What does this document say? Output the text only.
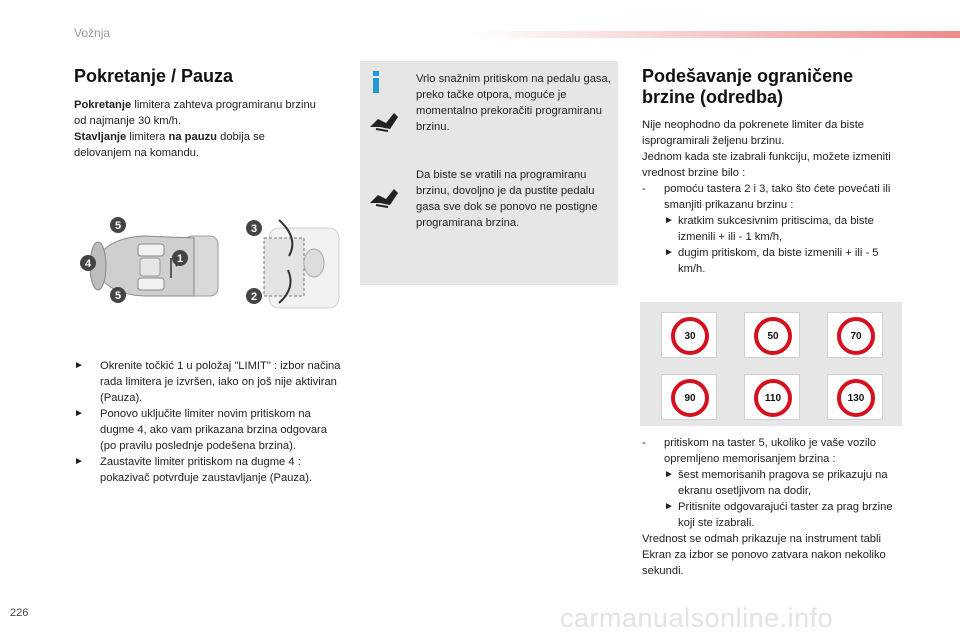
Vožnja
Pokretanje / Pauza
Pokretanje limitera zahteva programiranu brzinu od najmanje 30 km/h.
Stavljanje limitera na pauzu dobija se delovanjem na komandu.
5
4
5
1
3
2
► Okrenite točkić 1 u položaj "LIMIT" : izbor načina rada limitera je izvršen, iako on još nije aktiviran (Pauza).
► Ponovo uključite limiter novim pritiskom na dugme 4, ako vam prikazana brzina odgovara (po pravilu poslednje podešena brzina).
► Zaustavite limiter pritiskom na dugme 4 : pokazivač potvrđuje zaustavljanje (Pauza).
Vrlo snažnim pritiskom na pedalu gasa, preko tačke otpora, moguće je momentalno prekoračiti programiranu brzinu.
Da biste se vratili na programiranu brzinu, dovoljno je da pustite pedalu gasa sve dok se ponovo ne postigne programirana brzina.
Podešavanje ograničene
brzine (odredba)
Nije neophodno da pokrenete limiter da biste isprogramirali željenu brzinu.
Jednom kada ste izabrali funkciju, možete izmeniti vrednost brzine bilo :
- pomoću tastera 2 i 3, tako što ćete povećati ili smanjiti prikazanu brzinu :
► kratkim sukcesivnim pritiscima, da biste izmenili + ili - 1 km/h,
► dugim pritiskom, da biste izmenili + ili - 5 km/h.
30	50	70
90	110	130
- pritiskom na taster 5, ukoliko je vaše vozilo opremljeno memorisanjem brzina :
► šest memorisanih pragova se prikazuju na ekranu osetljivom na dodir,
► Pritisnite odgovarajući taster za prag brzine koji ste izabrali.
Vrednost se odmah prikazuje na instrument tabli
Ekran za izbor se ponovo zatvara nakon nekoliko sekundi.
226	carmanualsonline.info
